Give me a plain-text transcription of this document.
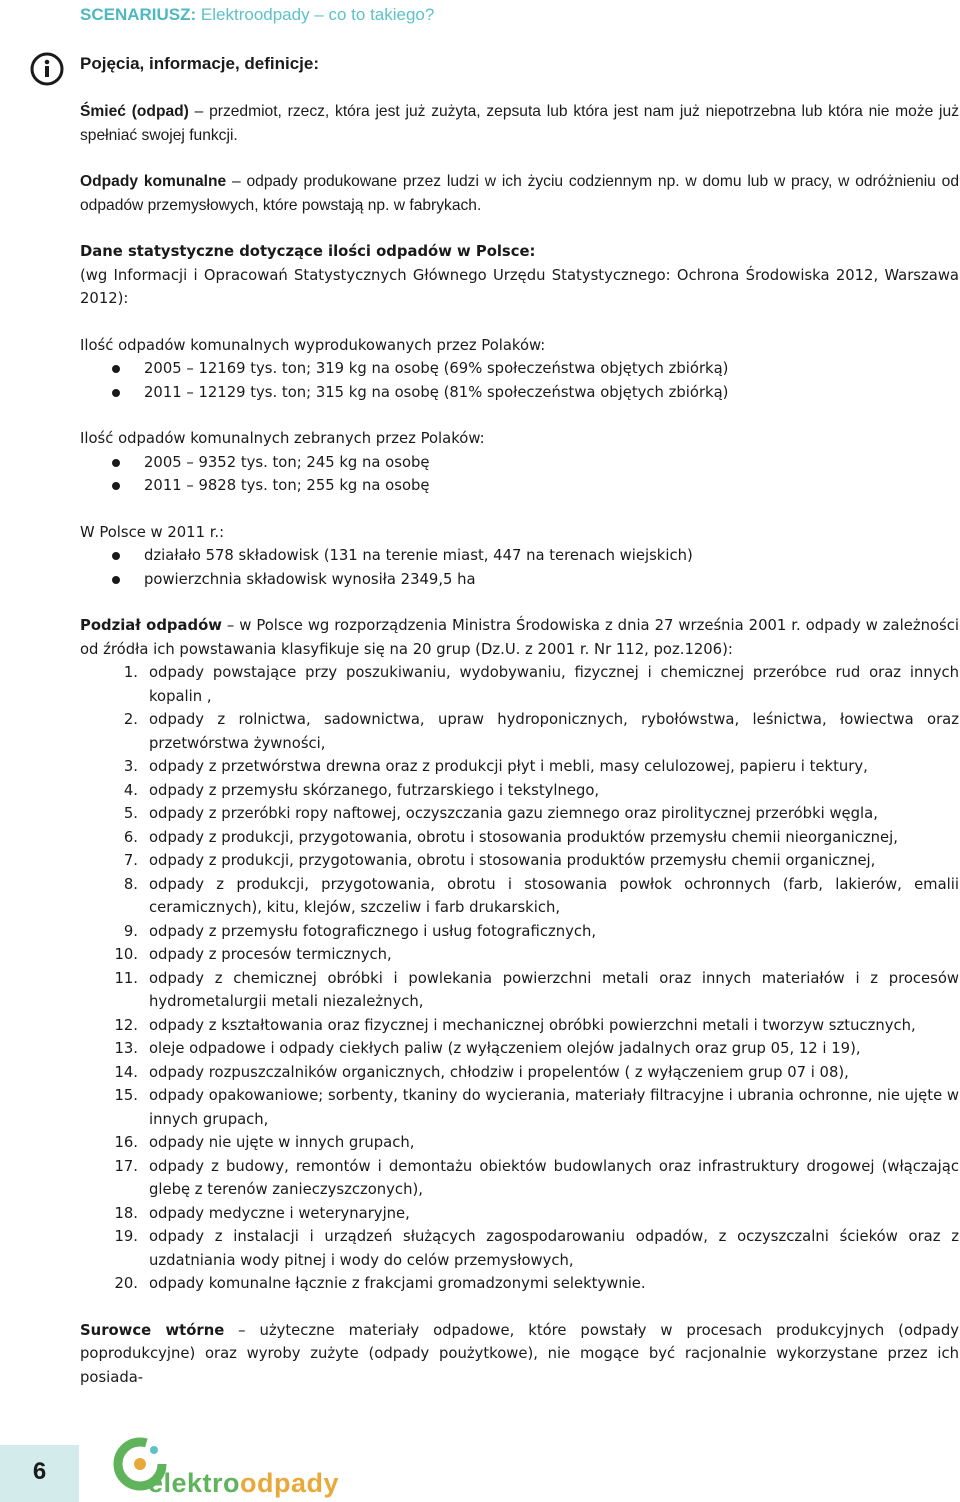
SCENARIUSZ: Elektroodpady – co to takiego?
Pojęcia, informacje, definicje:

Śmieć (odpad) – przedmiot, rzecz, która jest już zużyta, zepsuta lub która jest nam już niepotrzebna lub która nie może już spełniać swojej funkcji.

Odpady komunalne – odpady produkowane przez ludzi w ich życiu codziennym np. w domu lub w pracy, w odróżnieniu od odpadów przemysłowych, które powstają np. w fabrykach.

Dane statystyczne dotyczące ilości odpadów w Polsce:

(wg Informacji i Opracowań Statystycznych Głównego Urzędu Statystycznego: Ochrona Środowiska 2012, Warszawa 2012):

Ilość odpadów komunalnych wyprodukowanych przez Polaków:

2005 – 12169 tys. ton; 319 kg na osobę (69% społeczeństwa objętych zbiórką)
2011 – 12129 tys. ton; 315 kg na osobę (81% społeczeństwa objętych zbiórką)

Ilość odpadów komunalnych zebranych przez Polaków:

2005 – 9352 tys. ton; 245 kg na osobę
2011 – 9828 tys. ton; 255 kg na osobę

W Polsce w 2011 r.:

działało 578 składowisk (131 na terenie miast, 447 na terenach wiejskich)
powierzchnia składowisk wynosiła 2349,5 ha

Podział odpadów – w Polsce wg rozporządzenia Ministra Środowiska z dnia 27 września 2001 r. odpady w zależności od źródła ich powstawania klasyfikuje się na 20 grup (Dz.U. z 2001 r. Nr 112, poz.1206):

1. odpady powstające przy poszukiwaniu, wydobywaniu, fizycznej i chemicznej przeróbce rud oraz innych kopalin ,
2. odpady z rolnictwa, sadownictwa, upraw hydroponicznych, rybołówstwa, leśnictwa, łowiectwa oraz przetwórstwa żywności,
3. odpady z przetwórstwa drewna oraz z produkcji płyt i mebli, masy celulozowej, papieru i tektury,
4. odpady z przemysłu skórzanego, futrzarskiego i tekstylnego,
5. odpady z przeróbki ropy naftowej, oczyszczania gazu ziemnego oraz pirolitycznej przeróbki węgla,
6. odpady z produkcji, przygotowania, obrotu i stosowania produktów przemysłu chemii nieorganicznej,
7. odpady z produkcji, przygotowania, obrotu i stosowania produktów przemysłu chemii organicznej,
8. odpady z produkcji, przygotowania, obrotu i stosowania powłok ochronnych (farb, lakierów, emalii ceramicznych), kitu, klejów, szczeliw i farb drukarskich,
9. odpady z przemysłu fotograficznego i usług fotograficznych,
10. odpady z procesów termicznych,
11. odpady z chemicznej obróbki i powlekania powierzchni metali oraz innych materiałów i z procesów hydrometalurgii metali niezależnych,
12. odpady z kształtowania oraz fizycznej i mechanicznej obróbki powierzchni metali i tworzyw sztucznych,
13. oleje odpadowe i odpady ciekłych paliw (z wyłączeniem olejów jadalnych oraz grup 05, 12 i 19),
14. odpady rozpuszczalników organicznych, chłodziw i propelentów ( z wyłączeniem grup 07 i 08),
15. odpady opakowaniowe; sorbenty, tkaniny do wycierania, materiały filtracyjne i ubrania ochronne, nie ujęte w innych grupach,
16. odpady nie ujęte w innych grupach,
17. odpady z budowy, remontów i demontażu obiektów budowlanych oraz infrastruktury drogowej (włączając glebę z terenów zanieczyszczonych),
18. odpady medyczne i weterynaryjne,
19. odpady z instalacji i urządzeń służących zagospodarowaniu odpadów, z oczyszczalni ścieków oraz z uzdatniania wody pitnej i wody do celów przemysłowych,
20. odpady komunalne łącznie z frakcjami gromadzonymi selektywnie.

Surowce wtórne – użyteczne materiały odpadowe, które powstały w procesach produkcyjnych (odpady poprodukcyjne) oraz wyroby zużyte (odpady poużytkowe), nie mogące być racjonalnie wykorzystane przez ich posiada-

6	elektroodpady
